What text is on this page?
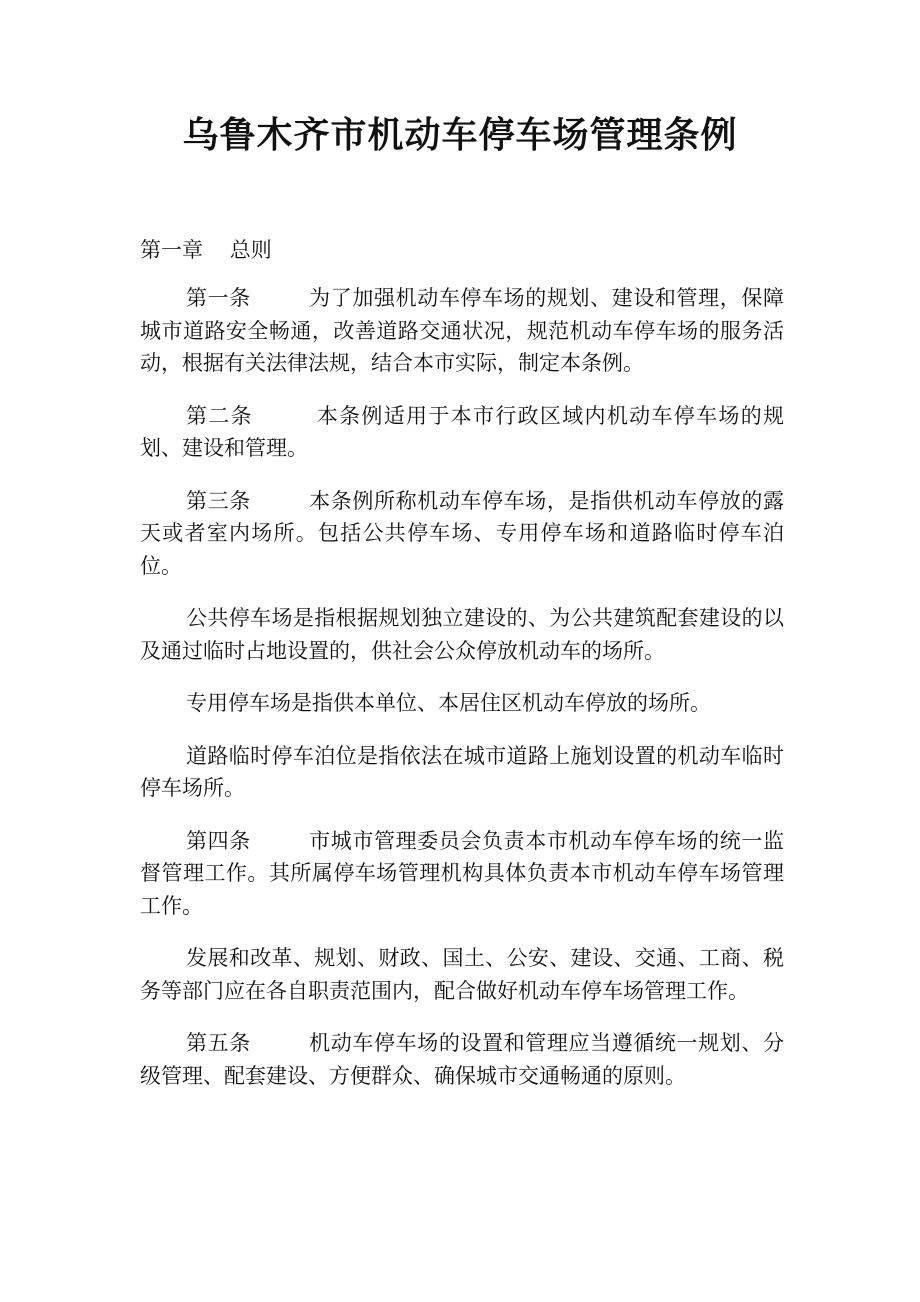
乌鲁木齐市机动车停车场管理条例
第一章    总则

第一条        为了加强机动车停车场的规划、建设和管理，保障城市道路安全畅通，改善道路交通状况，规范机动车停车场的服务活动，根据有关法律法规，结合本市实际，制定本条例。

第二条        本条例适用于本市行政区域内机动车停车场的规划、建设和管理。

第三条        本条例所称机动车停车场，是指供机动车停放的露天或者室内场所。包括公共停车场、专用停车场和道路临时停车泊位。

公共停车场是指根据规划独立建设的、为公共建筑配套建设的以及通过临时占地设置的，供社会公众停放机动车的场所。

专用停车场是指供本单位、本居住区机动车停放的场所。

道路临时停车泊位是指依法在城市道路上施划设置的机动车临时停车场所。

第四条        市城市管理委员会负责本市机动车停车场的统一监督管理工作。其所属停车场管理机构具体负责本市机动车停车场管理工作。

发展和改革、规划、财政、国土、公安、建设、交通、工商、税务等部门应在各自职责范围内，配合做好机动车停车场管理工作。

第五条        机动车停车场的设置和管理应当遵循统一规划、分级管理、配套建设、方便群众、确保城市交通畅通的原则。
